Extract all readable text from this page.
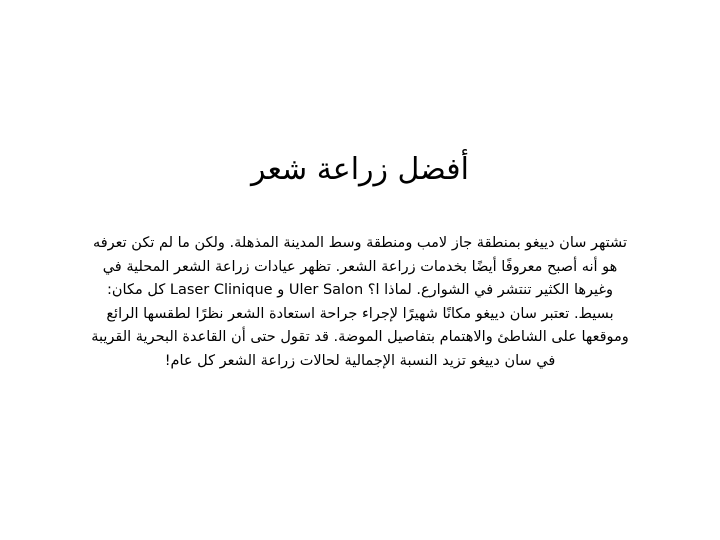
أفضل زراعة شعر

تشتهر سان دييغو بمنطقة جاز لامب ومنطقة وسط المدينة المذهلة. ولكن ما لم تكن تعرفه
هو أنه أصبح معروفًا أيضًا بخدمات زراعة الشعر. تظهر عيادات زراعة الشعر المحلية في
وغيرها الكثير تنتشر في الشوارع. لماذا ا؟ Uler Salon و Laser Clinique كل مكان:
بسيط. تعتبر سان دييغو مكانًا شهيرًا لإجراء جراحة استعادة الشعر نظرًا لطقسها الرائع
وموقعها على الشاطئ والاهتمام بتفاصيل الموضة. قد تقول حتى أن القاعدة البحرية القريبة
في سان دييغو تزيد النسبة الإجمالية لحالات زراعة الشعر كل عام!
